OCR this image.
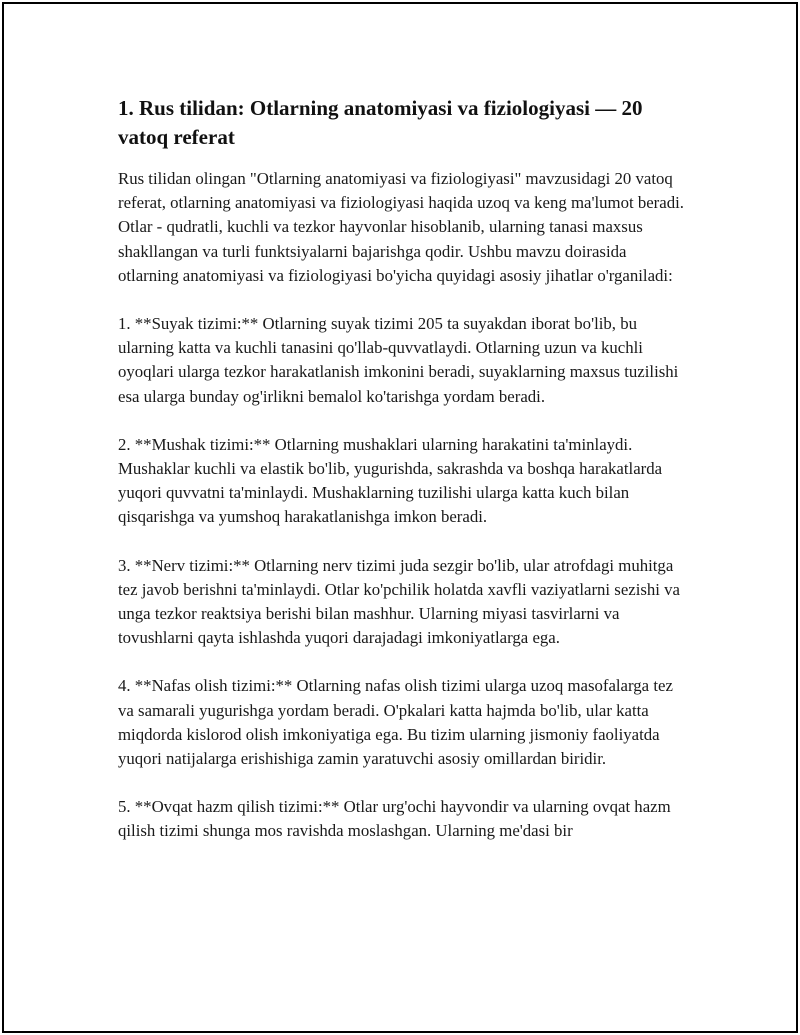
1. Rus tilidan: Otlarning anatomiyasi va fiziologiyasi — 20 vatoq referat

Rus tilidan olingan "Otlarning anatomiyasi va fiziologiyasi" mavzusidagi 20 vatoq referat, otlarning anatomiyasi va fiziologiyasi haqida uzoq va keng ma'lumot beradi. Otlar - qudratli, kuchli va tezkor hayvonlar hisoblanib, ularning tanasi maxsus shakllangan va turli funktsiyalarni bajarishga qodir. Ushbu mavzu doirasida otlarning anatomiyasi va fiziologiyasi bo'yicha quyidagi asosiy jihatlar o'rganiladi:

1. **Suyak tizimi:** Otlarning suyak tizimi 205 ta suyakdan iborat bo'lib, bu ularning katta va kuchli tanasini qo'llab-quvvatlaydi. Otlarning uzun va kuchli oyoqlari ularga tezkor harakatlanish imkonini beradi, suyaklarning maxsus tuzilishi esa ularga bunday og'irlikni bemalol ko'tarishga yordam beradi.

2. **Mushak tizimi:** Otlarning mushaklari ularning harakatini ta'minlaydi. Mushaklar kuchli va elastik bo'lib, yugurishda, sakrashda va boshqa harakatlarda yuqori quvvatni ta'minlaydi. Mushaklarning tuzilishi ularga katta kuch bilan qisqarishga va yumshoq harakatlanishga imkon beradi.

3. **Nerv tizimi:** Otlarning nerv tizimi juda sezgir bo'lib, ular atrofdagi muhitga tez javob berishni ta'minlaydi. Otlar ko'pchilik holatda xavfli vaziyatlarni sezishi va unga tezkor reaktsiya berishi bilan mashhur. Ularning miyasi tasvirlarni va tovushlarni qayta ishlashda yuqori darajadagi imkoniyatlarga ega.

4. **Nafas olish tizimi:** Otlarning nafas olish tizimi ularga uzoq masofalarga tez va samarali yugurishga yordam beradi. O'pkalari katta hajmda bo'lib, ular katta miqdorda kislorod olish imkoniyatiga ega. Bu tizim ularning jismoniy faoliyatda yuqori natijalarga erishishiga zamin yaratuvchi asosiy omillardan biridir.

5. **Ovqat hazm qilish tizimi:** Otlar urg'ochi hayvondir va ularning ovqat hazm qilish tizimi shunga mos ravishda moslashgan. Ularning me'dasi bir
